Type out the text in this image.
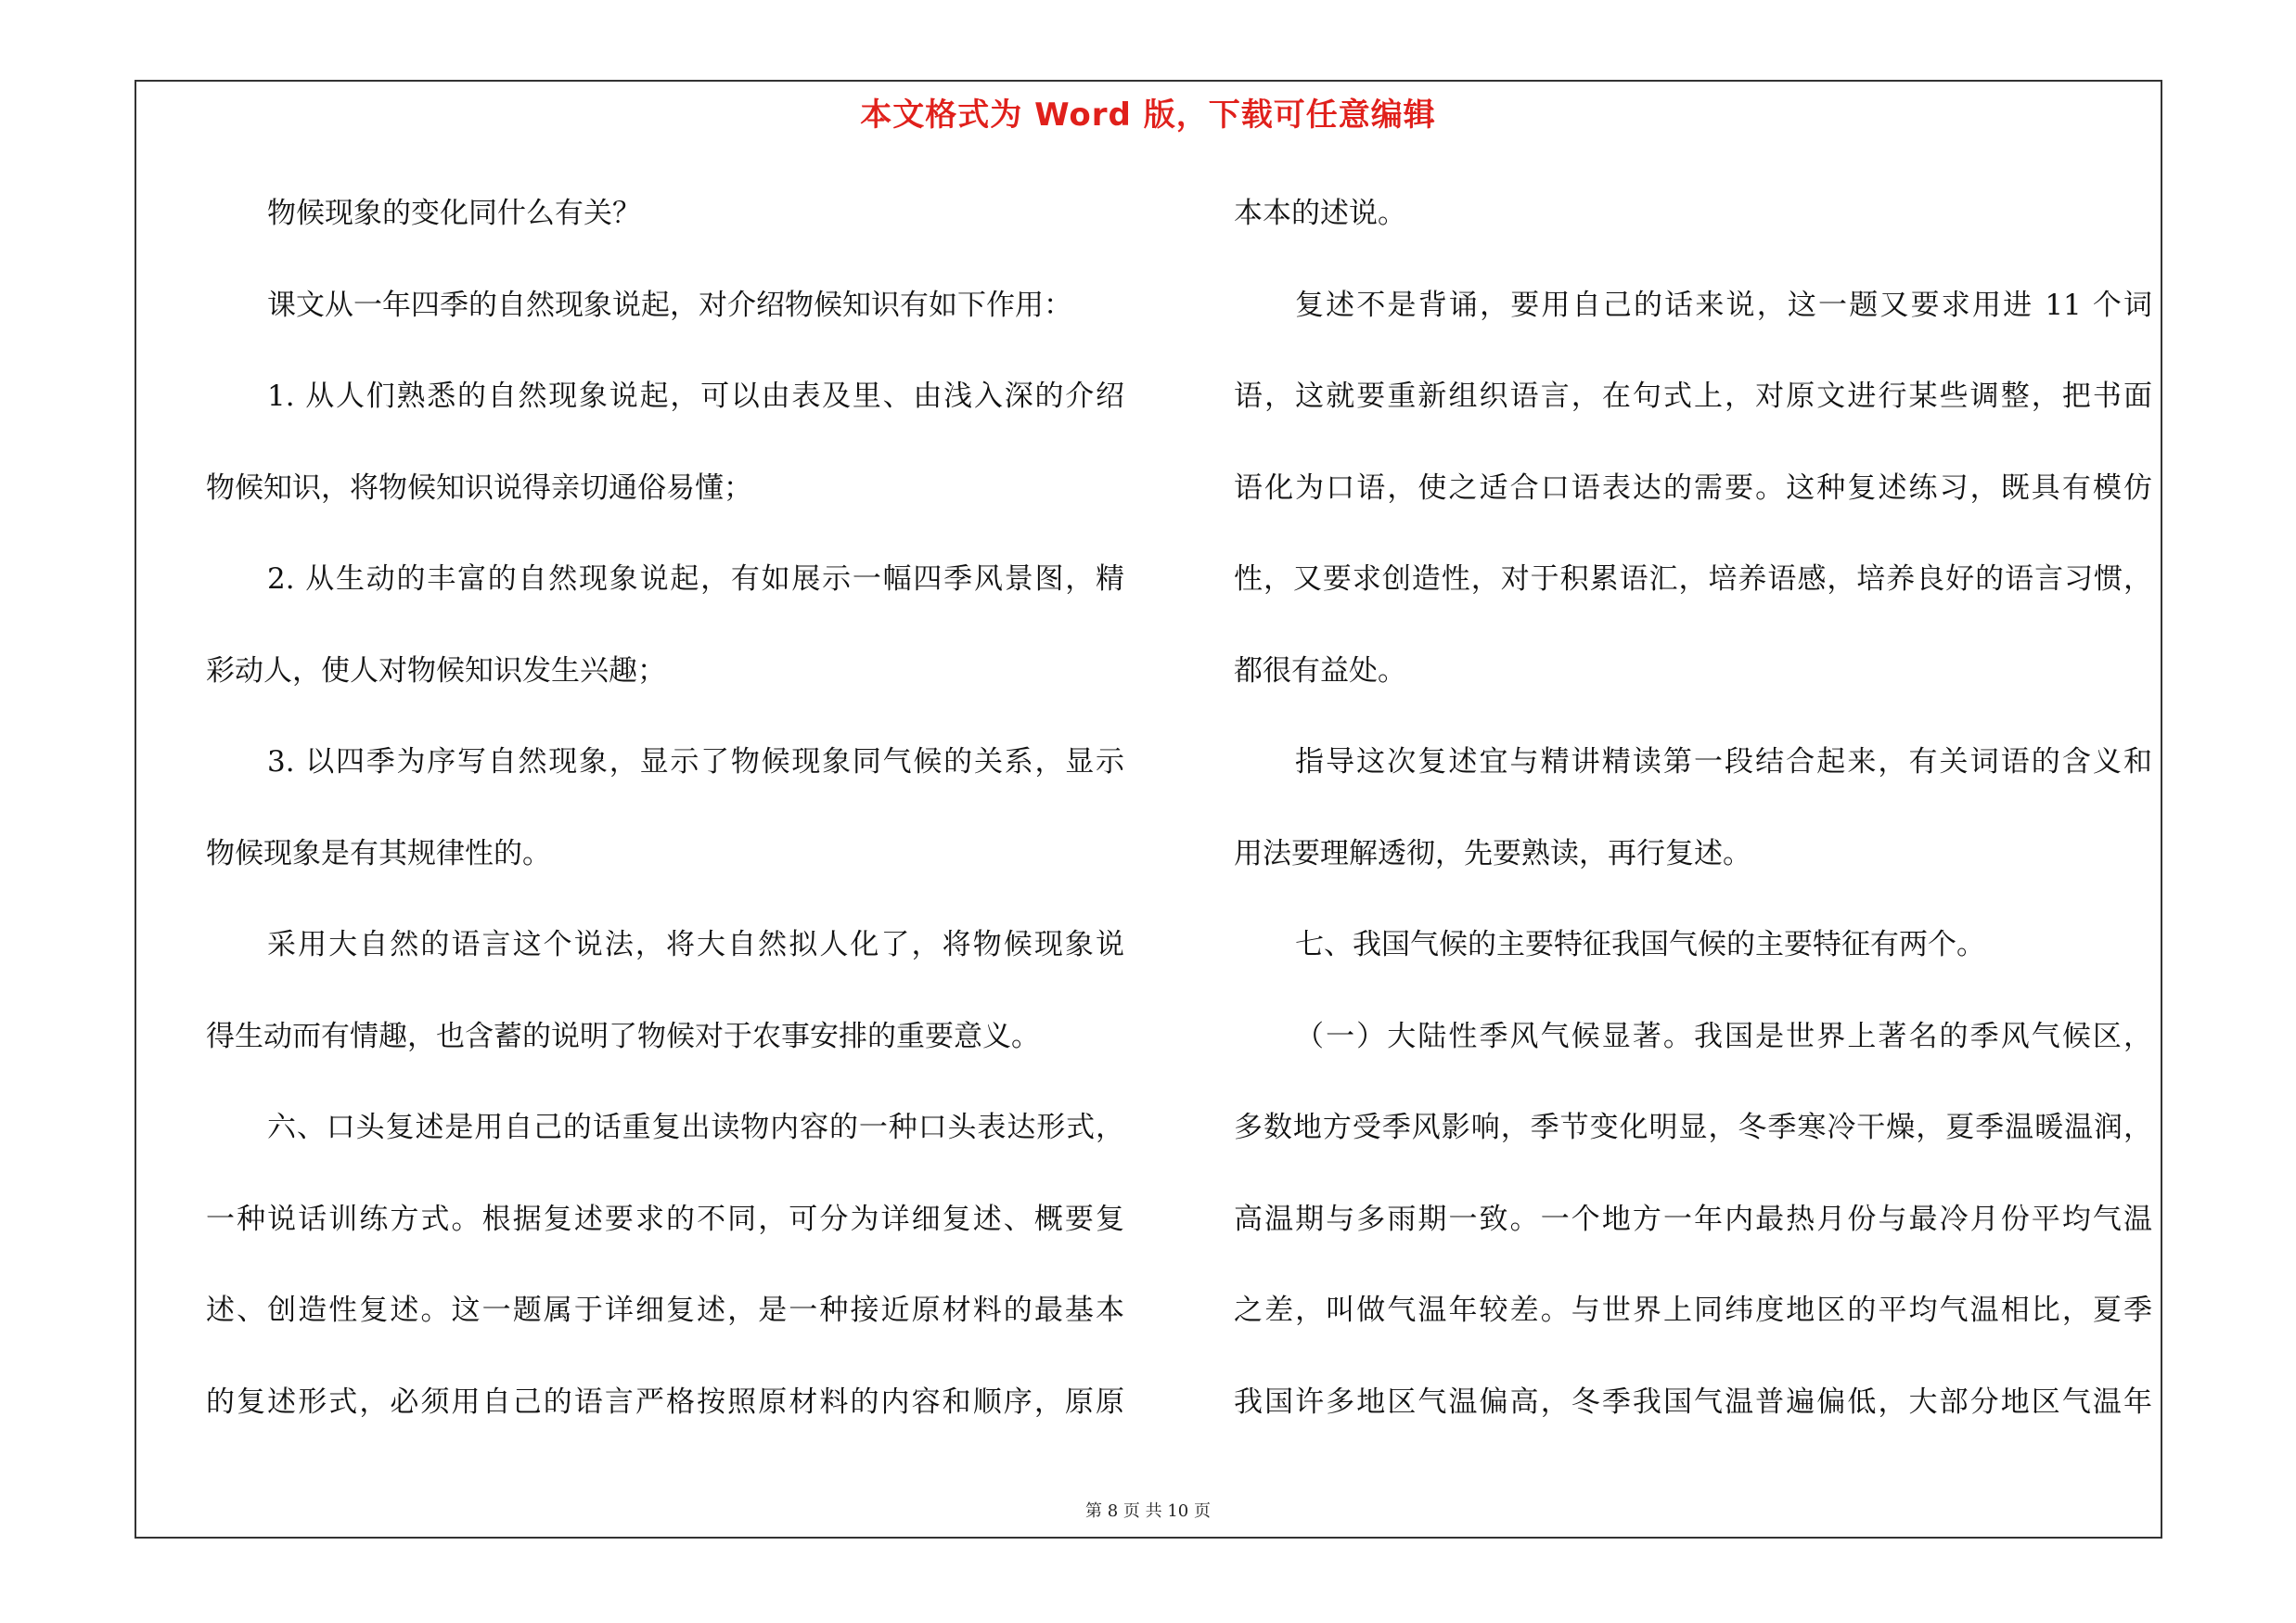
本文格式为 Word 版，下载可任意编辑
物候现象的变化同什么有关？
课文从一年四季的自然现象说起，对介绍物候知识有如下作用：
1. 从人们熟悉的自然现象说起，可以由表及里、由浅入深的介绍
物候知识，将物候知识说得亲切通俗易懂；
2. 从生动的丰富的自然现象说起，有如展示一幅四季风景图，精
彩动人，使人对物候知识发生兴趣；
3. 以四季为序写自然现象，显示了物候现象同气候的关系，显示
物候现象是有其规律性的。
采用大自然的语言这个说法，将大自然拟人化了，将物候现象说
得生动而有情趣，也含蓄的说明了物候对于农事安排的重要意义。
六、口头复述是用自己的话重复出读物内容的一种口头表达形式，
一种说话训练方式。根据复述要求的不同，可分为详细复述、概要复
述、创造性复述。这一题属于详细复述，是一种接近原材料的最基本
的复述形式，必须用自己的语言严格按照原材料的内容和顺序，原原
本本的述说。
复述不是背诵，要用自己的话来说，这一题又要求用进 11 个词
语，这就要重新组织语言，在句式上，对原文进行某些调整，把书面
语化为口语，使之适合口语表达的需要。这种复述练习，既具有模仿
性，又要求创造性，对于积累语汇，培养语感，培养良好的语言习惯，
都很有益处。
指导这次复述宜与精讲精读第一段结合起来，有关词语的含义和
用法要理解透彻，先要熟读，再行复述。
七、我国气候的主要特征我国气候的主要特征有两个。
（一）大陆性季风气候显著。我国是世界上著名的季风气候区，
多数地方受季风影响，季节变化明显，冬季寒冷干燥，夏季温暖温润，
高温期与多雨期一致。一个地方一年内最热月份与最冷月份平均气温
之差，叫做气温年较差。与世界上同纬度地区的平均气温相比，夏季
我国许多地区气温偏高，冬季我国气温普遍偏低，大部分地区气温年
第 8 页 共 10 页
